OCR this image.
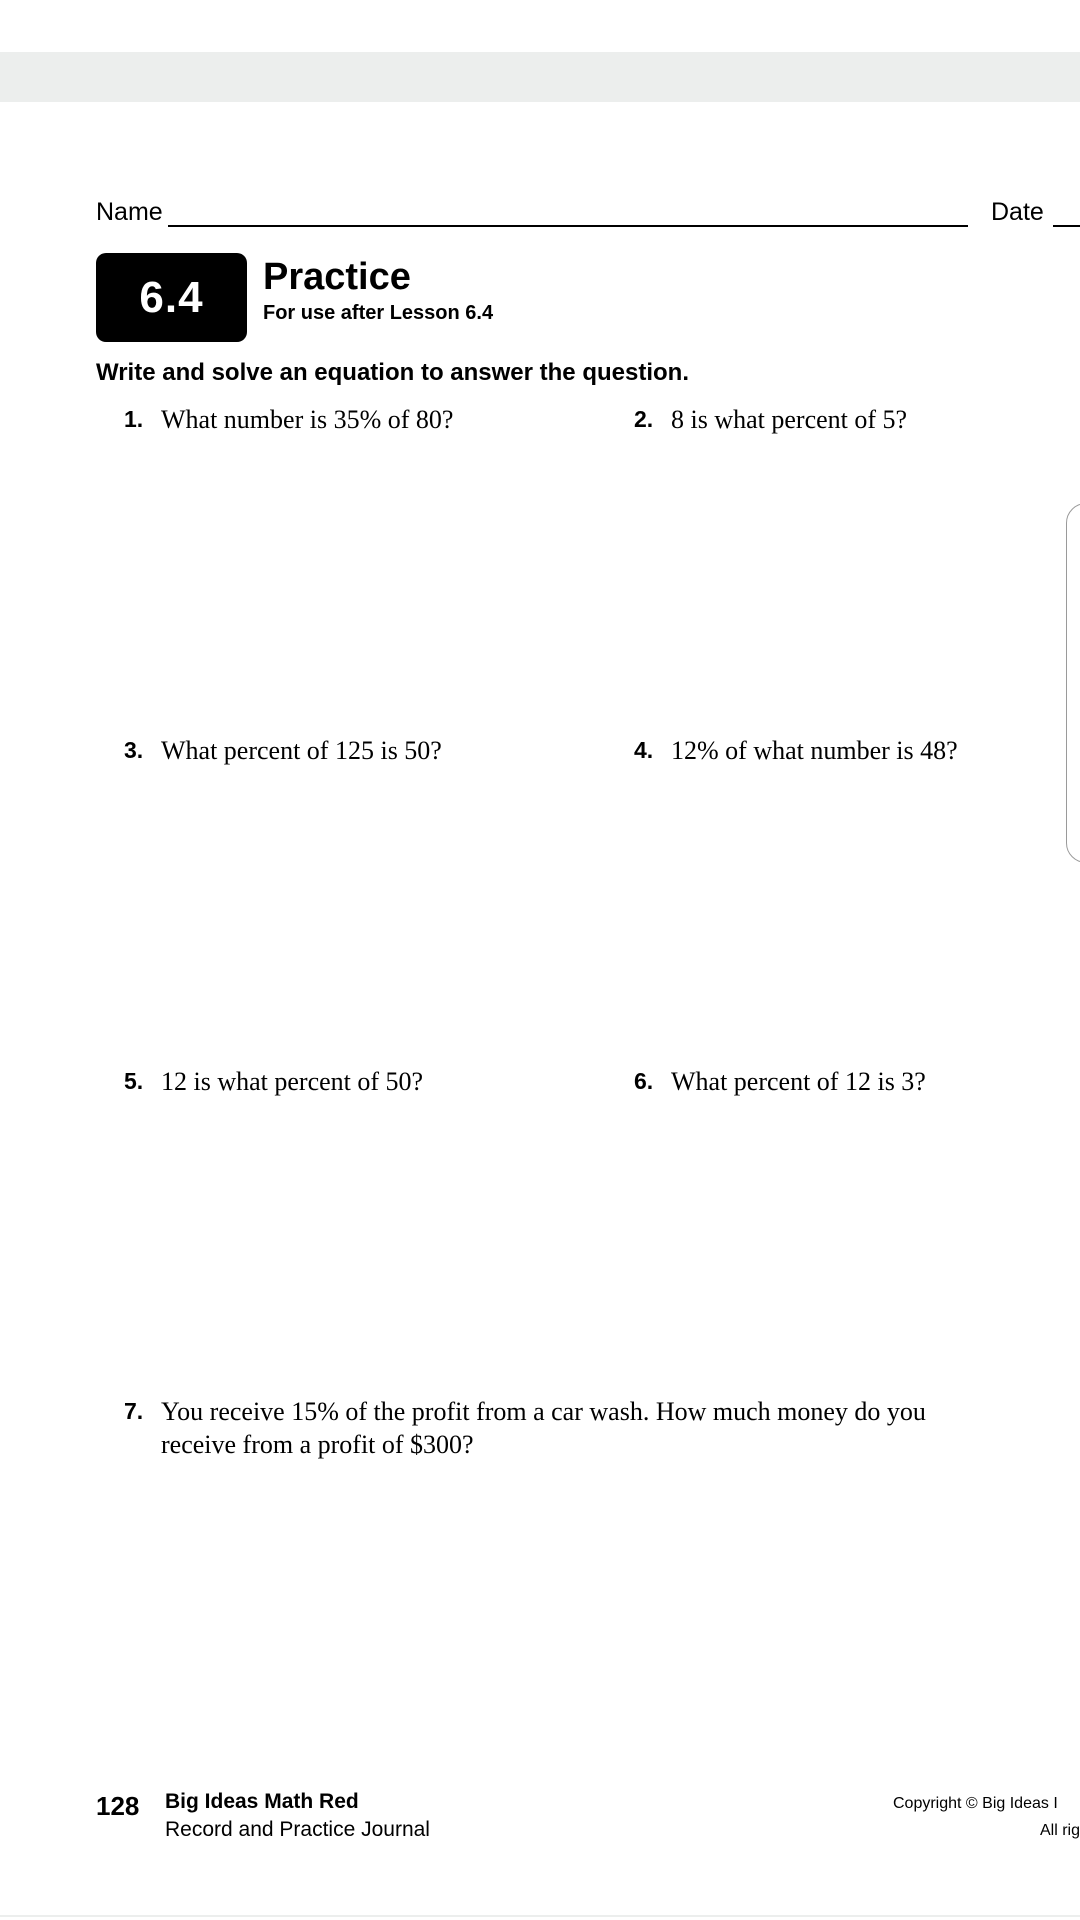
Name	Date
6.4 Practice
For use after Lesson 6.4
Write and solve an equation to answer the question.
1. What number is 35% of 80?	2. 8 is what percent of 5?
3. What percent of 125 is 50?	4. 12% of what number is 48?
5. 12 is what percent of 50?	6. What percent of 12 is 3?
7. You receive 15% of the profit from a car wash. How much money do you
receive from a profit of $300?
128 Big Ideas Math Red
Record and Practice Journal
Copyright © Big Ideas I
All rig
